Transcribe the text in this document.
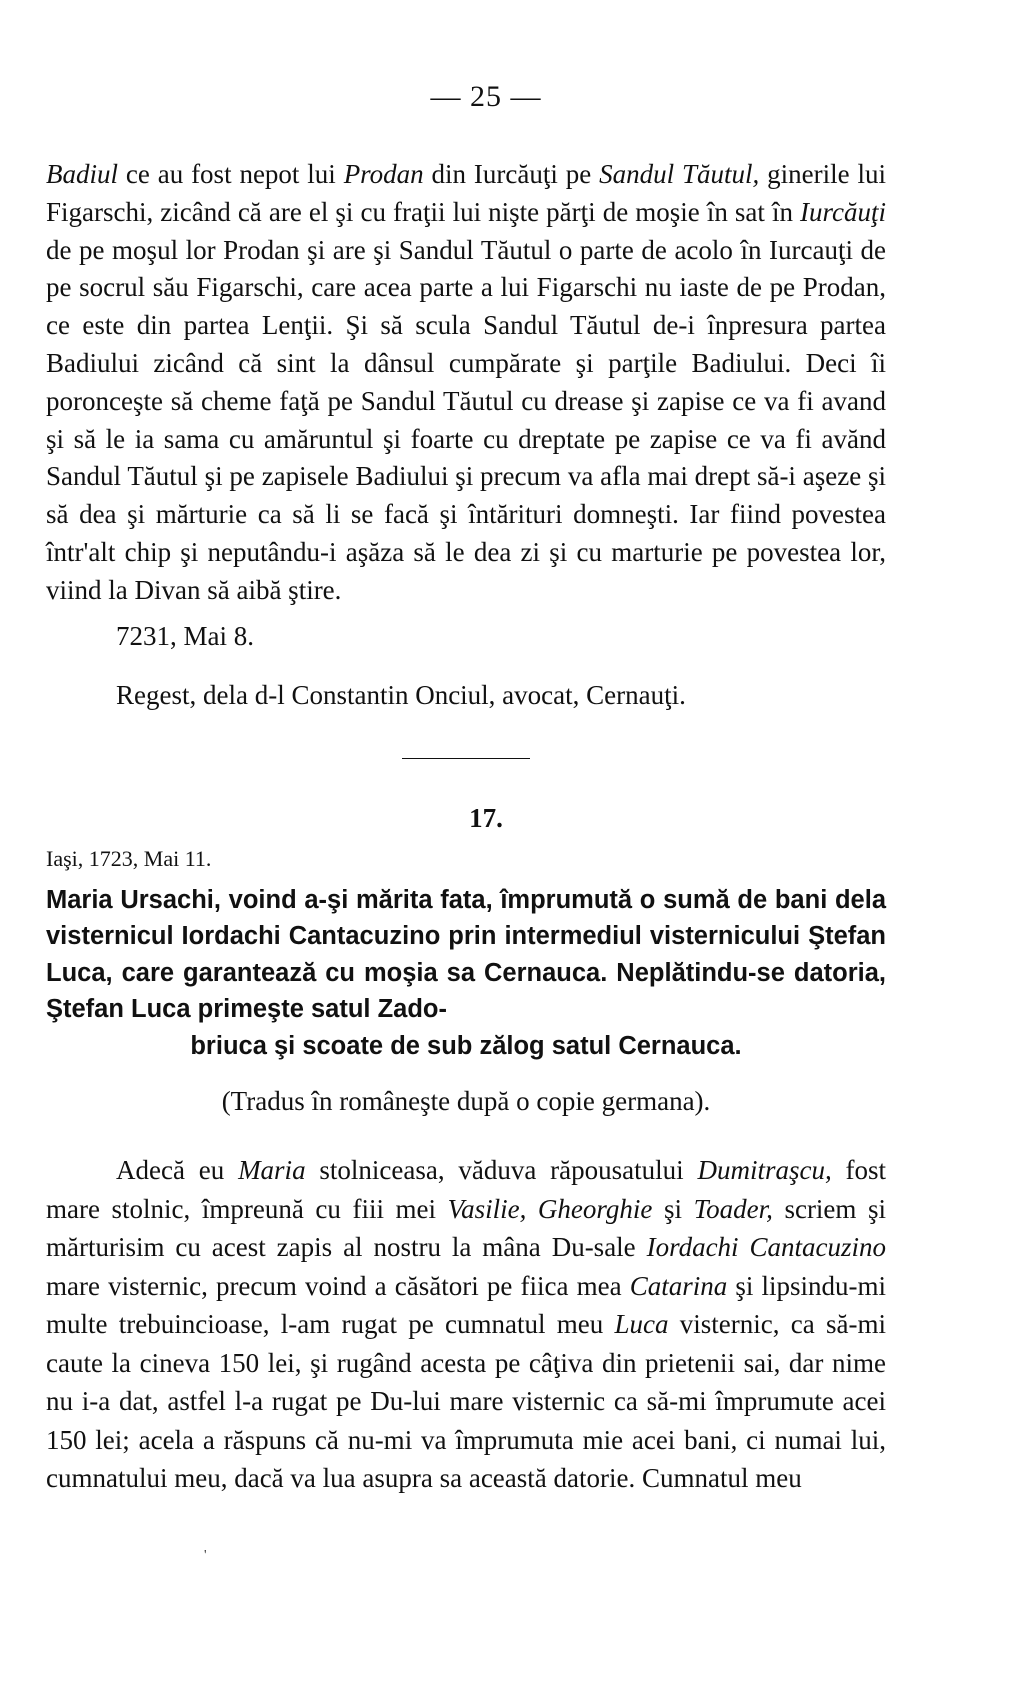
— 25 —

Badiul ce au fost nepot lui Prodan din Iurcăuţi pe Sandul Tăutul, ginerile lui Figarschi, zicând că are el şi cu fraţii lui nişte părţi de moşie în sat în Iurcăuţi de pe moşul lor Prodan şi are şi Sandul Tăutul o parte de acolo în Iurcauţi de pe socrul său Figarschi, care acea parte a lui Figarschi nu iaste de pe Prodan, ce este din partea Lenţii. Şi să scula Sandul Tăutul de-i înpresura partea Badiului zicând că sint la dânsul cumpărate şi parţile Badiului. Deci îi poronceşte să cheme faţă pe Sandul Tăutul cu drease şi zapise ce va fi avand şi să le ia sama cu amăruntul şi foarte cu dreptate pe zapise ce va fi avănd Sandul Tăutul şi pe zapisele Badiului şi precum va afla mai drept să-i aşeze şi să dea şi mărturie ca să li se facă şi întărituri domneşti. Iar fiind povestea într'alt chip şi neputându-i aşăza să le dea zi şi cu marturie pe povestea lor, viind la Divan să aibă ştire.

7231, Mai 8.
Regest, dela d-l Constantin Onciul, avocat, Cernauţi.
17.
Iaşi, 1723, Mai 11.

Maria Ursachi, voind a-şi mărita fata, împrumută o sumă de bani dela visternicul Iordachi Cantacuzino prin intermediul visternicului Ştefan Luca, care garantează cu moşia sa Cernauca. Neplătindu-se datoria, Ştefan Luca primeşte satul Zado-

briuca şi scoate de sub zălog satul Cernauca.

(Tradus în româneşte după o copie germana).

Adecă eu Maria stolniceasa, văduva răpousatului Dumitraşcu, fost mare stolnic, împreună cu fiii mei Vasilie, Gheorghie şi Toader, scriem şi mărturisim cu acest zapis al nostru la mâna Du-sale Iordachi Cantacuzino mare visternic, precum voind a căsători pe fiica mea Catarina şi lipsindu-mi multe trebuincioase, l-am rugat pe cumnatul meu Luca visternic, ca să-mi caute la cineva 150 lei, şi rugând acesta pe câţiva din prietenii sai, dar nime nu i-a dat, astfel l-a rugat pe Du-lui mare visternic ca să-mi împrumute acei 150 lei; acela a răspuns că nu-mi va împrumuta mie acei bani, ci numai lui, cumnatului meu, dacă va lua asupra sa această datorie. Cumnatul meu

'
